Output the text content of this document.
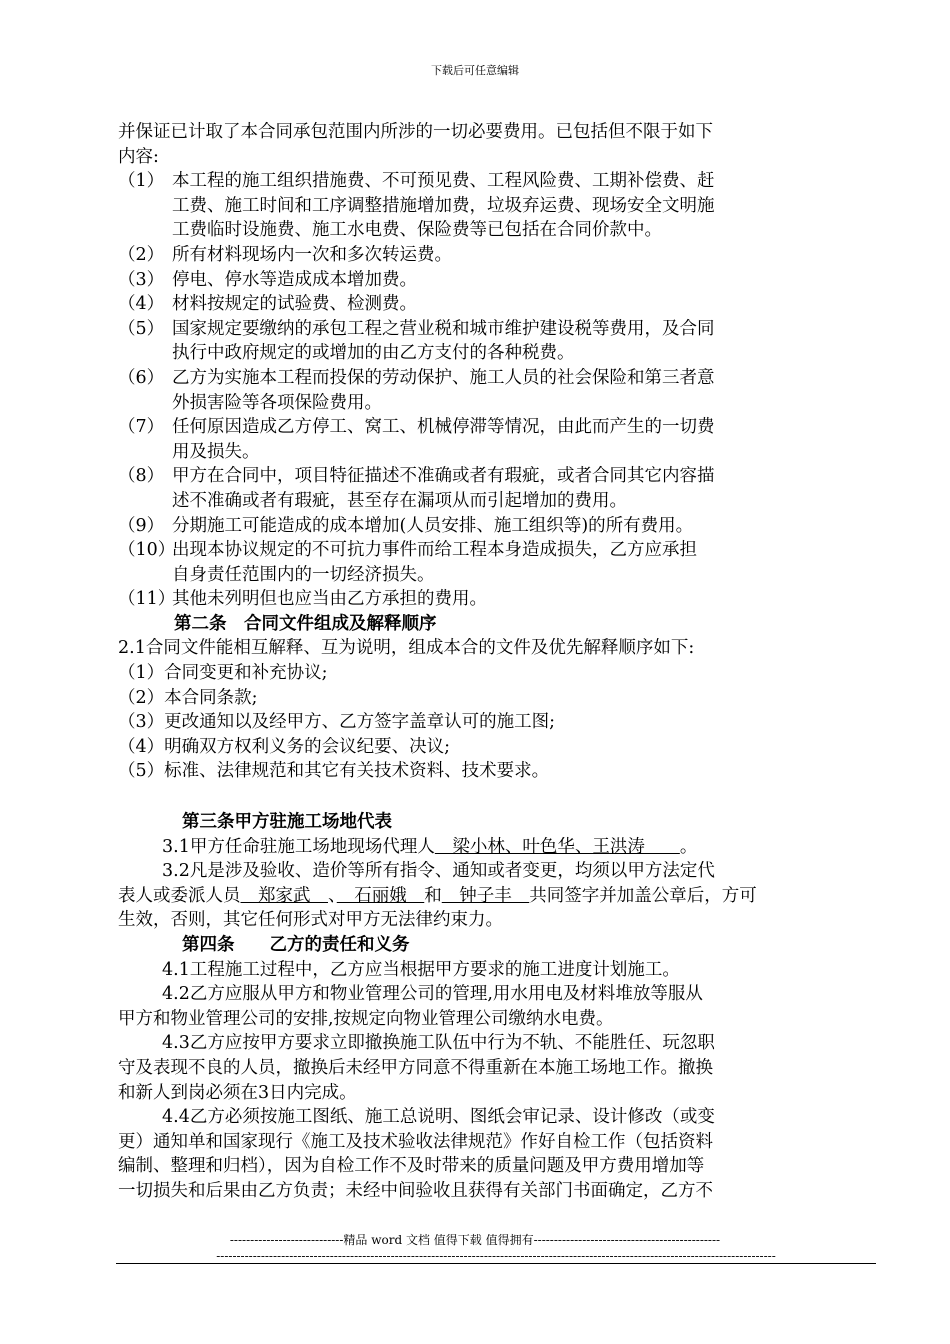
下载后可任意编辑
并保证已计取了本合同承包范围内所涉的一切必要费用。已包括但不限于如下
内容:
（1） 本工程的施工组织措施费、不可预见费、工程风险费、工期补偿费、赶
工费、施工时间和工序调整措施增加费，垃圾弃运费、现场安全文明施
工费临时设施费、施工水电费、保险费等已包括在合同价款中。
（2） 所有材料现场内一次和多次转运费。
（3） 停电、停水等造成成本增加费。
（4） 材料按规定的试验费、检测费。
（5） 国家规定要缴纳的承包工程之营业税和城市维护建设税等费用，及合同
执行中政府规定的或增加的由乙方支付的各种税费。
（6） 乙方为实施本工程而投保的劳动保护、施工人员的社会保险和第三者意
外损害险等各项保险费用。
（7） 任何原因造成乙方停工、窝工、机械停滞等情况，由此而产生的一切费
用及损失。
（8） 甲方在合同中，项目特征描述不准确或者有瑕疵，或者合同其它内容描
述不准确或者有瑕疵，甚至存在漏项从而引起增加的费用。
（9） 分期施工可能造成的成本增加(人员安排、施工组织等)的所有费用。
（10）
出现本协议规定的不可抗力事件而给工程本身造成损失，乙方应承担
自身责任范围内的一切经济损失。
（11）
其他未列明但也应当由乙方承担的费用。
第二条　合同文件组成及解释顺序
2.1合同文件能相互解释、互为说明，组成本合的文件及优先解释顺序如下:
（1）合同变更和补充协议;
（2）本合同条款;
（3）更改通知以及经甲方、乙方签字盖章认可的施工图;
（4）明确双方权利义务的会议纪要、决议;
（5）标准、法律规范和其它有关技术资料、技术要求。
第三条甲方驻施工场地代表
3.1甲方任命驻施工场地现场代理人　梁小林、叶色华、王洪涛　　。
3.2凡是涉及验收、造价等所有指令、通知或者变更，均须以甲方法定代
表人或委派人员　郑家武　、　石丽娥　和　钟子丰　共同签字并加盖公章后，方可
生效，否则，其它任何形式对甲方无法律约束力。
第四条　　乙方的责任和义务
4.1工程施工过程中，乙方应当根据甲方要求的施工进度计划施工。
4.2乙方应服从甲方和物业管理公司的管理,用水用电及材料堆放等服从
甲方和物业管理公司的安排,按规定向物业管理公司缴纳水电费。
4.3乙方应按甲方要求立即撤换施工队伍中行为不轨、不能胜任、玩忽职
守及表现不良的人员，撤换后未经甲方同意不得重新在本施工场地工作。撤换
和新人到岗必须在3日内完成。
4.4乙方必须按施工图纸、施工总说明、图纸会审记录、设计修改（或变
更）通知单和国家现行《施工及技术验收法律规范》作好自检工作（包括资料
编制、整理和归档），因为自检工作不及时带来的质量问题及甲方费用增加等
一切损失和后果由乙方负责；未经中间验收且获得有关部门书面确定，乙方不
----------------------------精品 word 文档 值得下载 值得拥有----------------------------------------------
------------------------------------------------------------------------------------------------------------------------------------------
